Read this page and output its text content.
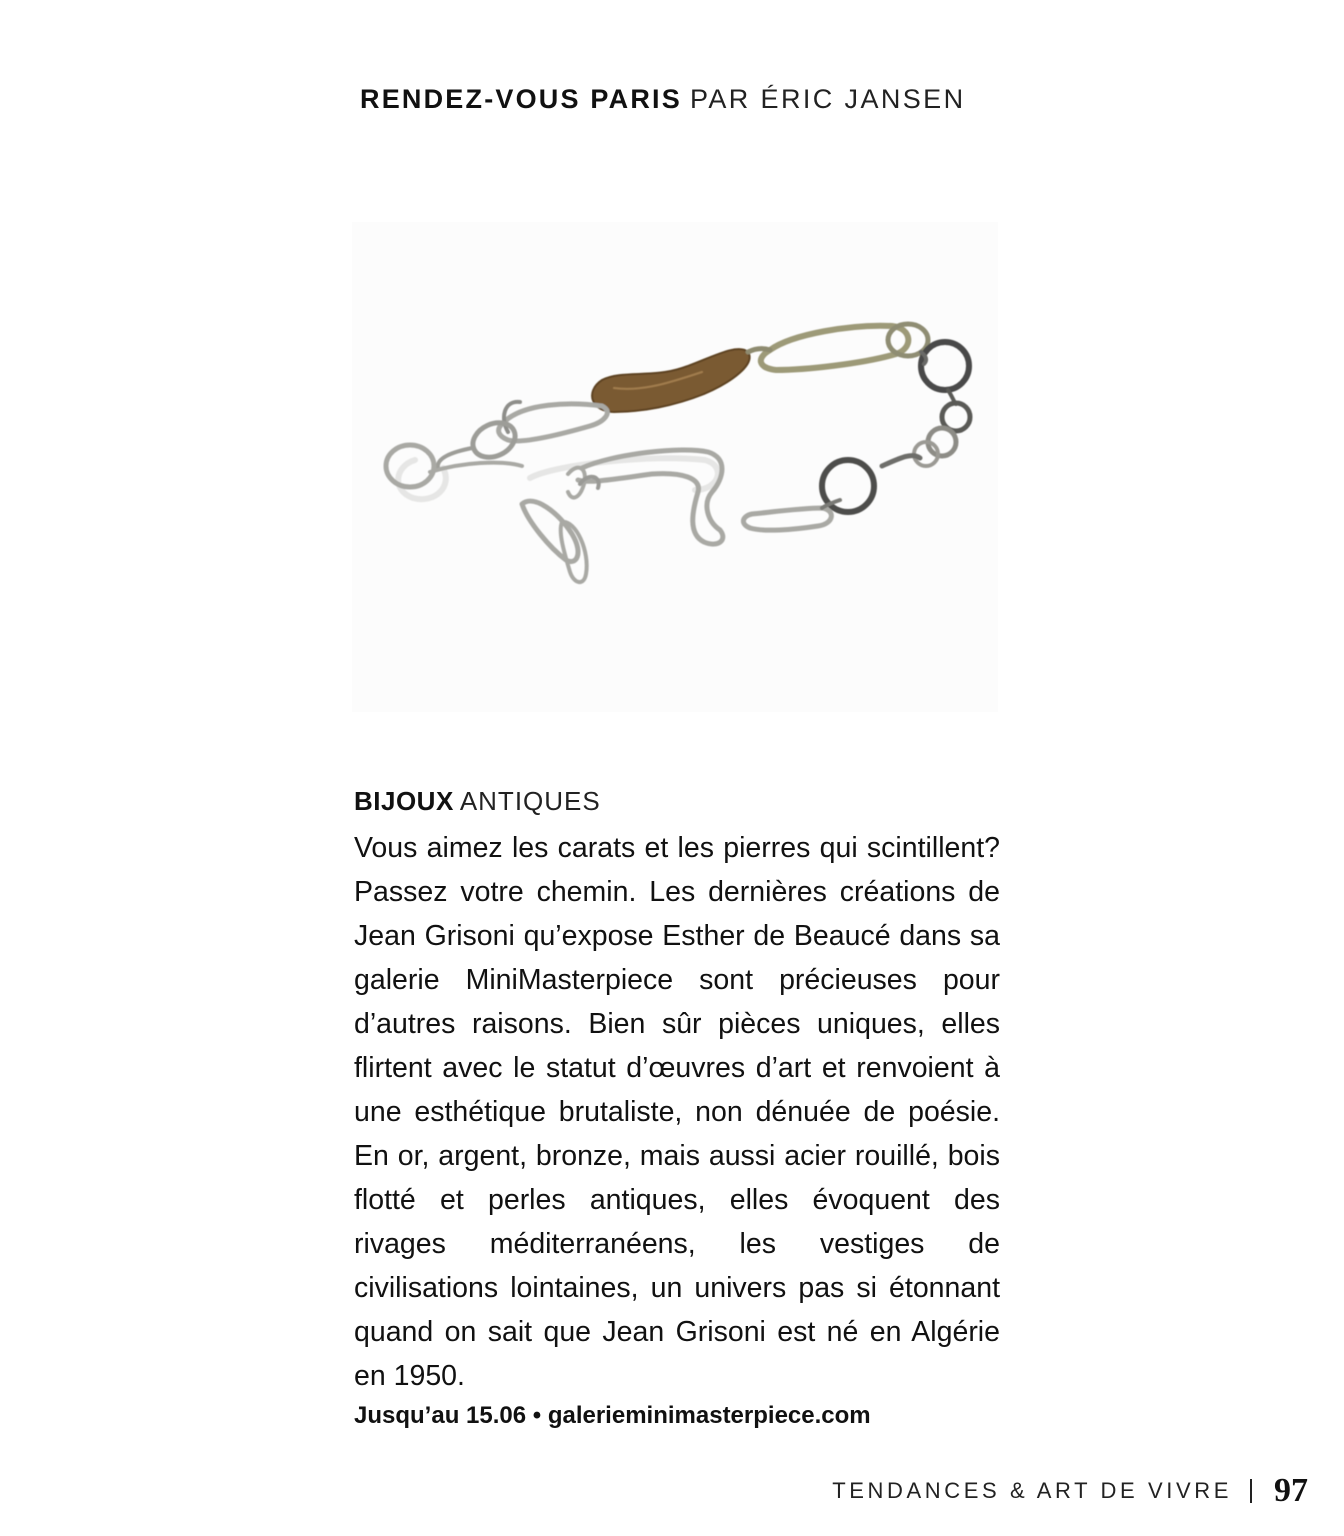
RENDEZ-VOUS PARIS PAR ÉRIC JANSEN
BIJOUX ANTIQUES
Vous aimez les carats et les pierres qui scintillent? Passez votre chemin. Les dernières créations de Jean Grisoni qu’expose Esther de Beaucé dans sa galerie MiniMasterpiece sont précieuses pour d’autres raisons. Bien sûr pièces uniques, elles flirtent avec le statut d’œuvres d’art et renvoient à une esthétique brutaliste, non dénuée de poésie. En or, argent, bronze, mais aussi acier rouillé, bois flotté et perles antiques, elles évoquent des rivages méditerranéens, les vestiges de civilisations lointaines, un univers pas si étonnant quand on sait que Jean Grisoni est né en Algérie en 1950.
Jusqu’au 15.06 • galerieminimasterpiece.com
TENDANCES & ART DE VIVRE 97
